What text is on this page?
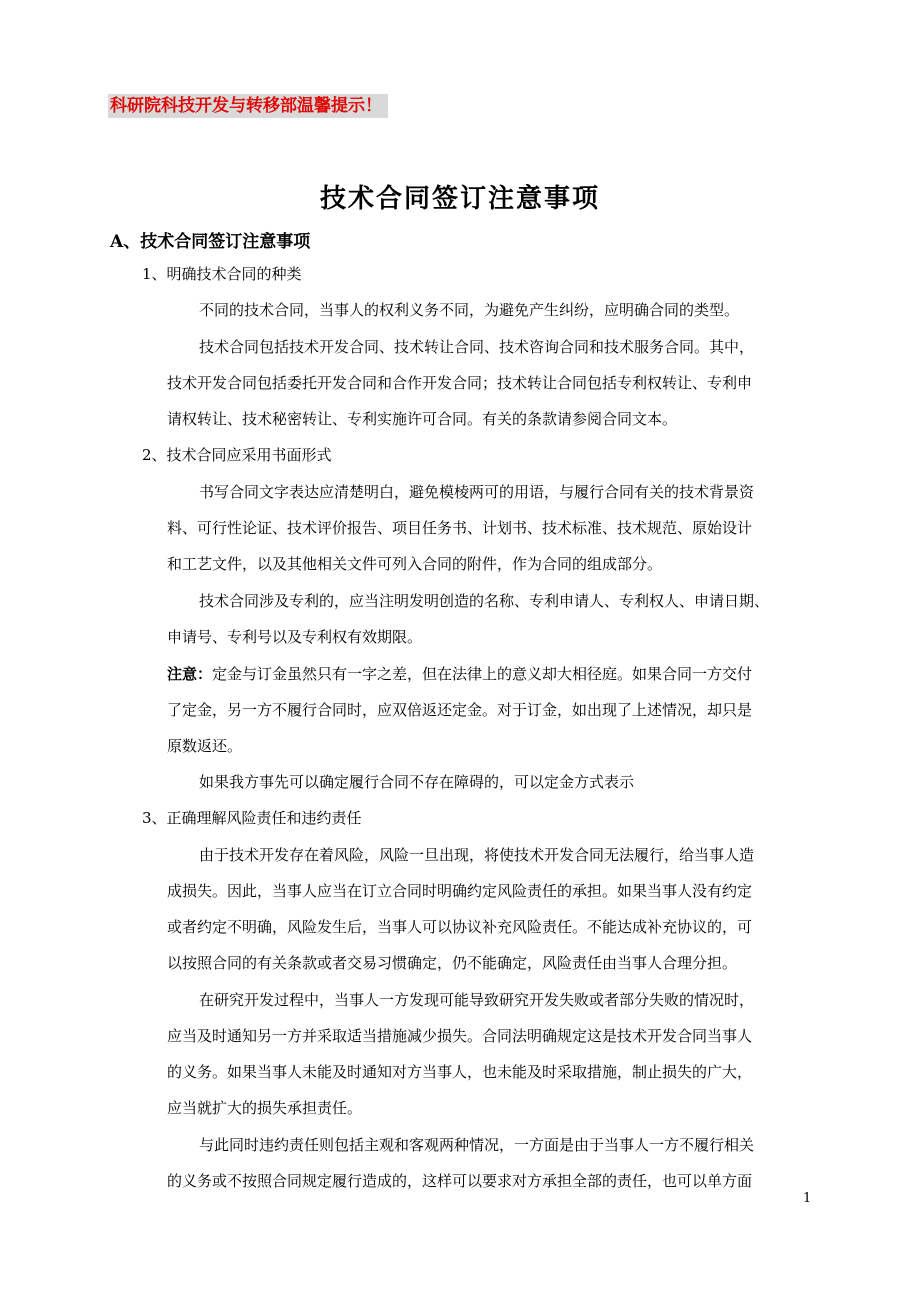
科研院科技开发与转移部温馨提示！
技术合同签订注意事项
A、技术合同签订注意事项
1、明确技术合同的种类
不同的技术合同，当事人的权利义务不同，为避免产生纠纷，应明确合同的类型。
技术合同包括技术开发合同、技术转让合同、技术咨询合同和技术服务合同。其中，
技术开发合同包括委托开发合同和合作开发合同；技术转让合同包括专利权转让、专利申
请权转让、技术秘密转让、专利实施许可合同。有关的条款请参阅合同文本。
2、技术合同应采用书面形式
书写合同文字表达应清楚明白，避免模棱两可的用语，与履行合同有关的技术背景资
料、可行性论证、技术评价报告、项目任务书、计划书、技术标准、技术规范、原始设计
和工艺文件，以及其他相关文件可列入合同的附件，作为合同的组成部分。
技术合同涉及专利的，应当注明发明创造的名称、专利申请人、专利权人、申请日期、
申请号、专利号以及专利权有效期限。
注意：定金与订金虽然只有一字之差，但在法律上的意义却大相径庭。如果合同一方交付
了定金，另一方不履行合同时，应双倍返还定金。对于订金，如出现了上述情况，却只是
原数返还。
如果我方事先可以确定履行合同不存在障碍的，可以定金方式表示
3、正确理解风险责任和违约责任
由于技术开发存在着风险，风险一旦出现，将使技术开发合同无法履行，给当事人造
成损失。因此，当事人应当在订立合同时明确约定风险责任的承担。如果当事人没有约定
或者约定不明确，风险发生后，当事人可以协议补充风险责任。不能达成补充协议的，可
以按照合同的有关条款或者交易习惯确定，仍不能确定，风险责任由当事人合理分担。
在研究开发过程中，当事人一方发现可能导致研究开发失败或者部分失败的情况时，
应当及时通知另一方并采取适当措施减少损失。合同法明确规定这是技术开发合同当事人
的义务。如果当事人未能及时通知对方当事人，也未能及时采取措施，制止损失的广大，
应当就扩大的损失承担责任。
与此同时违约责任则包括主观和客观两种情况，一方面是由于当事人一方不履行相关
的义务或不按照合同规定履行造成的，这样可以要求对方承担全部的责任，也可以单方面
1
